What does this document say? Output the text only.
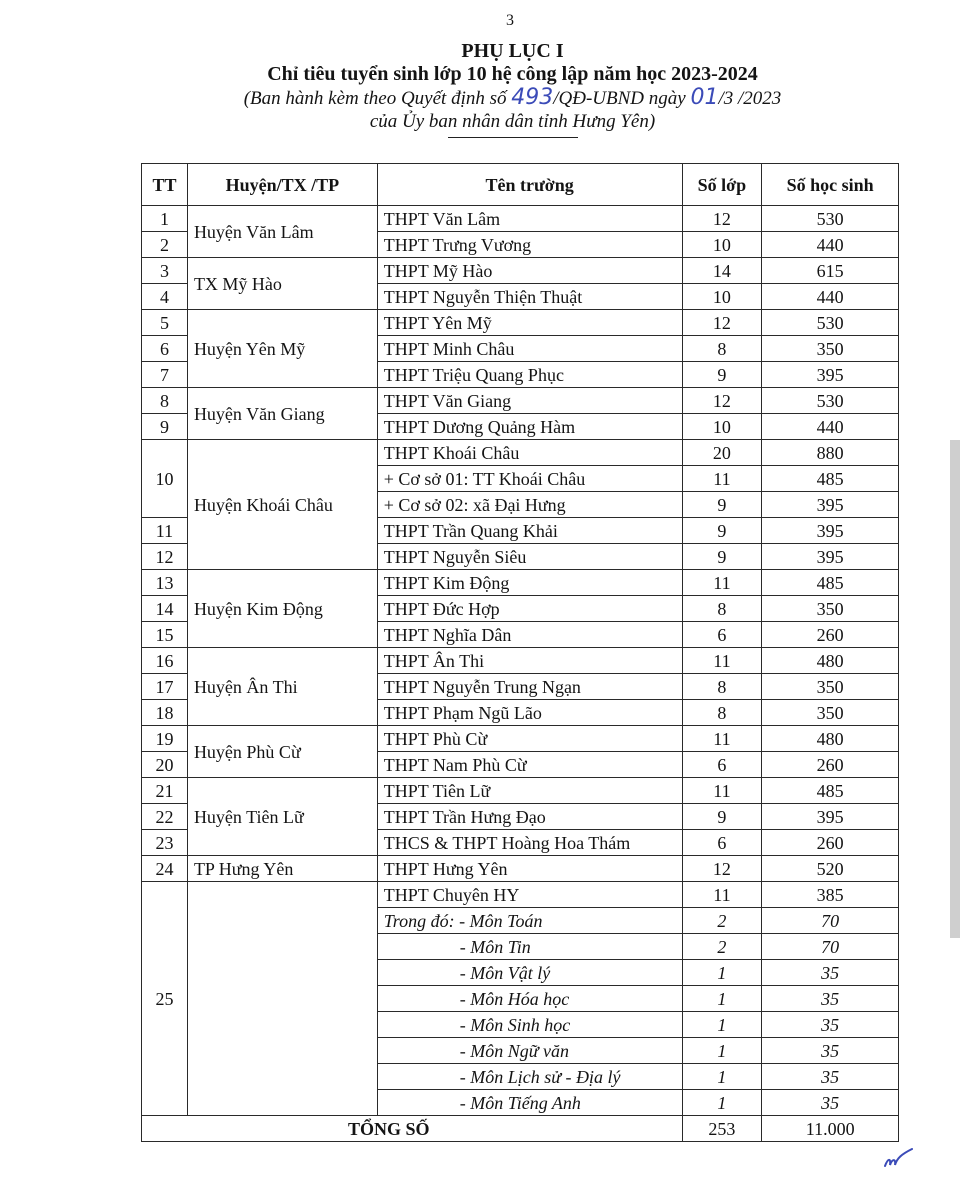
3
PHỤ LỤC I
Chỉ tiêu tuyển sinh lớp 10 hệ công lập năm học 2023-2024
(Ban hành kèm theo Quyết định số 493/QĐ-UBND ngày 01/3 /2023
của Ủy ban nhân dân tỉnh Hưng Yên)
TT	Huyện/TX /TP	Tên trường	Số lớp	Số học sinh
1	Huyện Văn Lâm	THPT Văn Lâm	12	530
2		THPT Trưng Vương	10	440
3	TX Mỹ Hào	THPT Mỹ Hào	14	615
4		THPT Nguyễn Thiện Thuật	10	440
5	Huyện Yên Mỹ	THPT Yên Mỹ	12	530
6		THPT Minh Châu	8	350
7		THPT Triệu Quang Phục	9	395
8	Huyện Văn Giang	THPT Văn Giang	12	530
9		THPT Dương Quảng Hàm	10	440
10	Huyện Khoái Châu	THPT Khoái Châu	20	880
		+ Cơ sở 01: TT Khoái Châu	11	485
		+ Cơ sở 02: xã Đại Hưng	9	395
11		THPT Trần Quang Khải	9	395
12		THPT Nguyễn Siêu	9	395
13	Huyện Kim Động	THPT Kim Động	11	485
14		THPT Đức Hợp	8	350
15		THPT Nghĩa Dân	6	260
16	Huyện Ân Thi	THPT Ân Thi	11	480
17		THPT Nguyễn Trung Ngạn	8	350
18		THPT Phạm Ngũ Lão	8	350
19	Huyện Phù Cừ	THPT Phù Cừ	11	480
20		THPT Nam Phù Cừ	6	260
21	Huyện Tiên Lữ	THPT Tiên Lữ	11	485
22		THPT Trần Hưng Đạo	9	395
23		THCS & THPT Hoàng Hoa Thám	6	260
24	TP Hưng Yên	THPT Hưng Yên	12	520
25		THPT Chuyên HY	11	385
		Trong đó: - Môn Toán	2	70
		- Môn Tin	2	70
		- Môn Vật lý	1	35
		- Môn Hóa học	1	35
		- Môn Sinh học	1	35
		- Môn Ngữ văn	1	35
		- Môn Lịch sử - Địa lý	1	35
		- Môn Tiếng Anh	1	35
TỔNG SỐ			253	11.000
